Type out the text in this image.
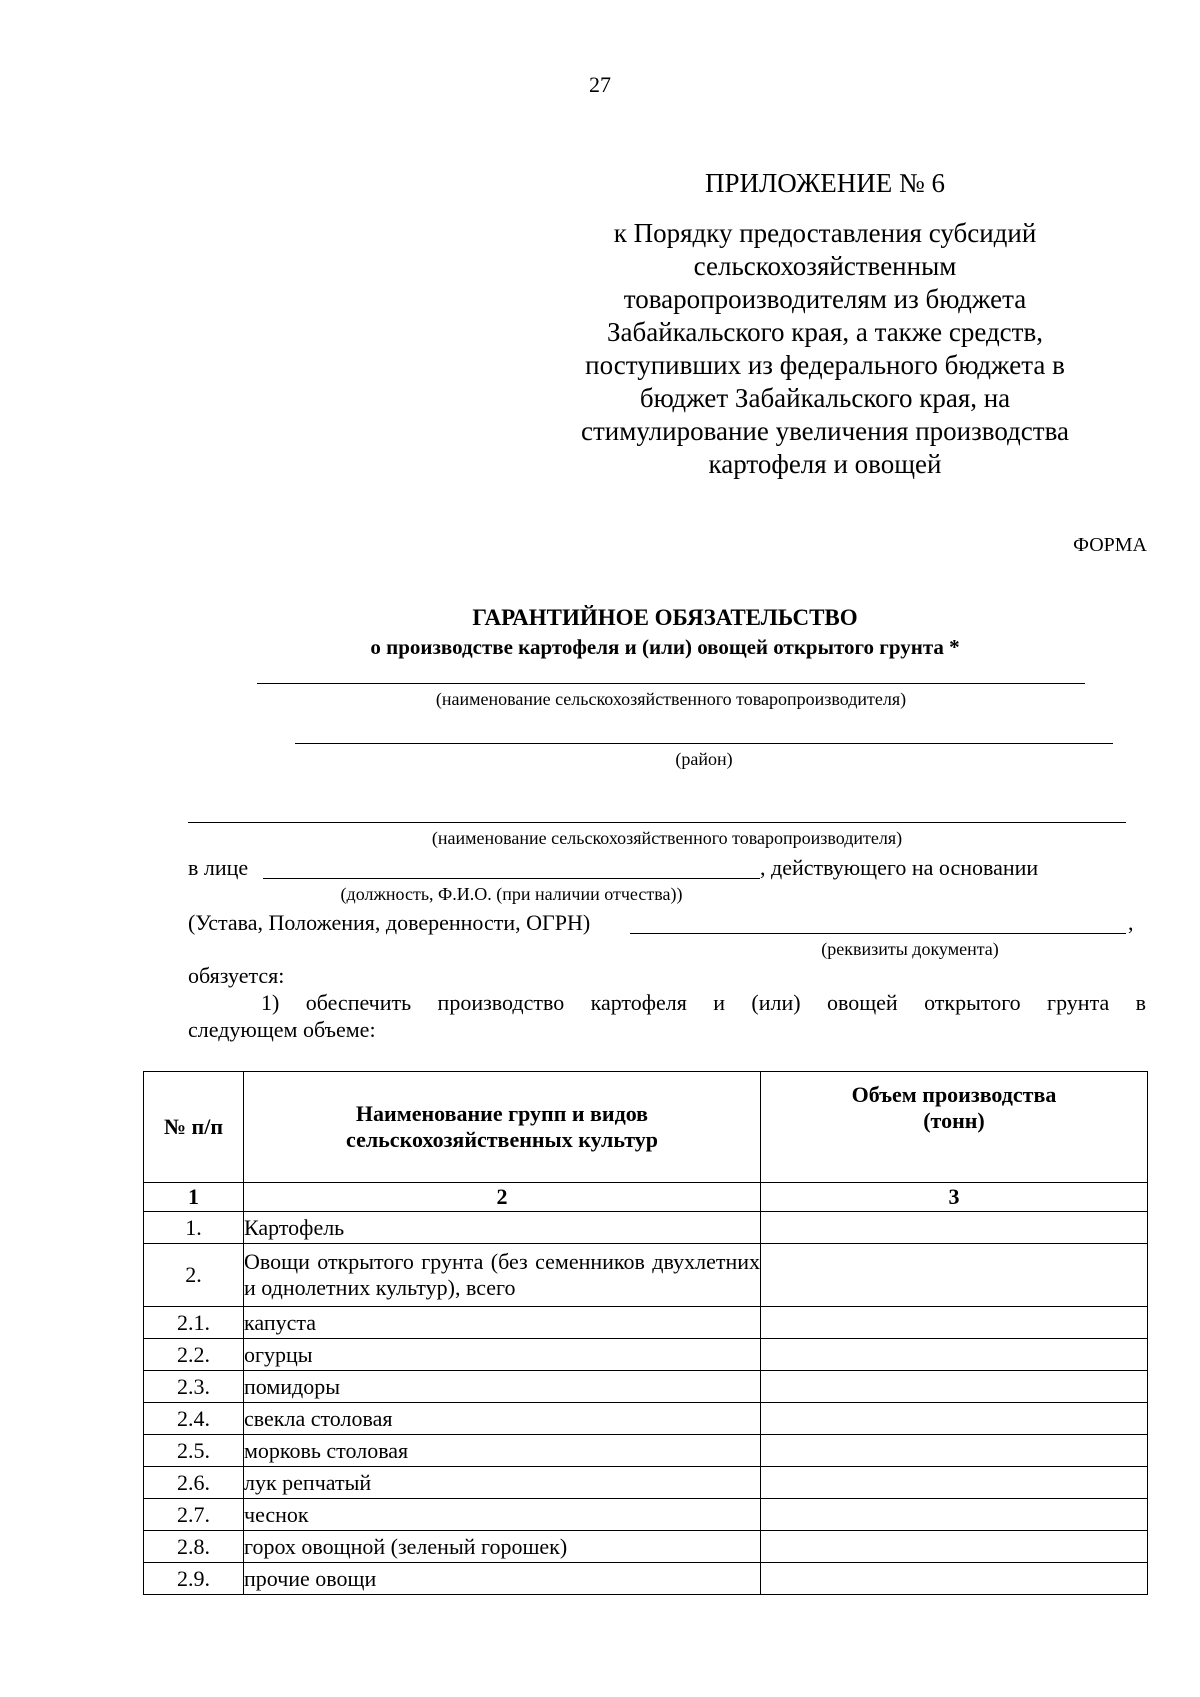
27
ПРИЛОЖЕНИЕ № 6
к Порядку предоставления субсидий
сельскохозяйственным
товаропроизводителям из бюджета
Забайкальского края, а также средств,
поступивших из федерального бюджета в
бюджет Забайкальского края, на
стимулирование увеличения производства
картофеля и овощей
ФОРМА
ГАРАНТИЙНОЕ ОБЯЗАТЕЛЬСТВО
о производстве картофеля и (или) овощей открытого грунта *
(наименование сельскохозяйственного товаропроизводителя)
(район)
(наименование сельскохозяйственного товаропроизводителя)
в лице	, действующего на основании
(должность, Ф.И.О. (при наличии отчества))
(Устава, Положения, доверенности, ОГРН)	,
(реквизиты документа)
обязуется:
1) обеспечить производство картофеля и (или) овощей открытого грунта в
следующем объеме:
№ п/п	Наименование групп и видов сельскохозяйственных культур	Объем производства (тонн)
1	2	3
1.	Картофель	
2.	Овощи открытого грунта (без семенников двухлетних и однолетних культур), всего	
2.1.	капуста	
2.2.	огурцы	
2.3.	помидоры	
2.4.	свекла столовая	
2.5.	морковь столовая	
2.6.	лук репчатый	
2.7.	чеснок	
2.8.	горох овощной (зеленый горошек)	
2.9.	прочие овощи	
